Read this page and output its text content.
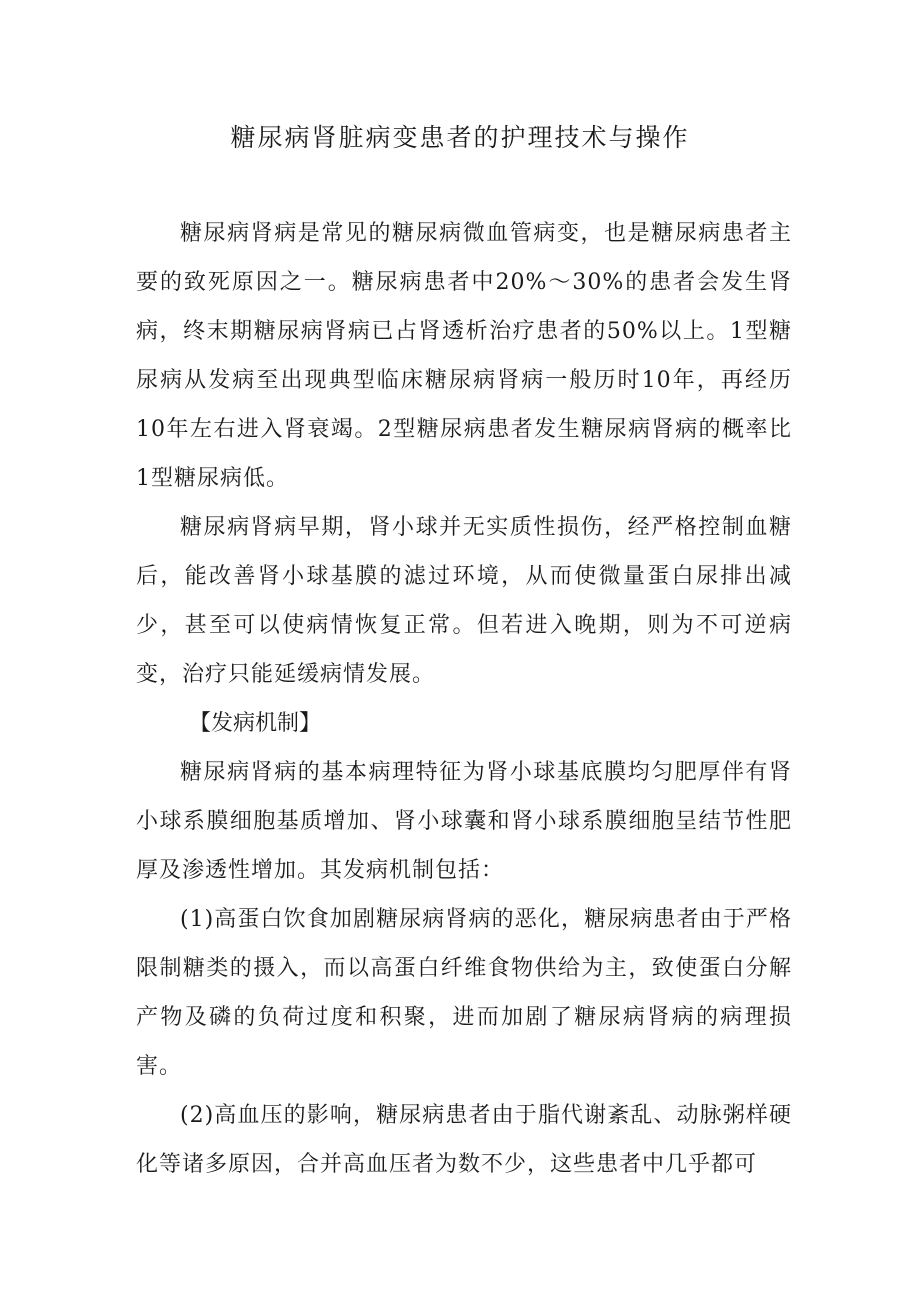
糖尿病肾脏病变患者的护理技术与操作

糖尿病肾病是常见的糖尿病微血管病变，也是糖尿病患者主要的致死原因之一。糖尿病患者中20%～30%的患者会发生肾病，终末期糖尿病肾病已占肾透析治疗患者的50%以上。1型糖尿病从发病至出现典型临床糖尿病肾病一般历时10年，再经历10年左右进入肾衰竭。2型糖尿病患者发生糖尿病肾病的概率比1型糖尿病低。

糖尿病肾病早期，肾小球并无实质性损伤，经严格控制血糖后，能改善肾小球基膜的滤过环境，从而使微量蛋白尿排出减少，甚至可以使病情恢复正常。但若进入晚期，则为不可逆病变，治疗只能延缓病情发展。

【发病机制】

糖尿病肾病的基本病理特征为肾小球基底膜均匀肥厚伴有肾小球系膜细胞基质增加、肾小球囊和肾小球系膜细胞呈结节性肥厚及渗透性增加。其发病机制包括：

(1)高蛋白饮食加剧糖尿病肾病的恶化，糖尿病患者由于严格限制糖类的摄入，而以高蛋白纤维食物供给为主，致使蛋白分解产物及磷的负荷过度和积聚，进而加剧了糖尿病肾病的病理损害。

(2)高血压的影响，糖尿病患者由于脂代谢紊乱、动脉粥样硬化等诸多原因，合并高血压者为数不少，这些患者中几乎都可
